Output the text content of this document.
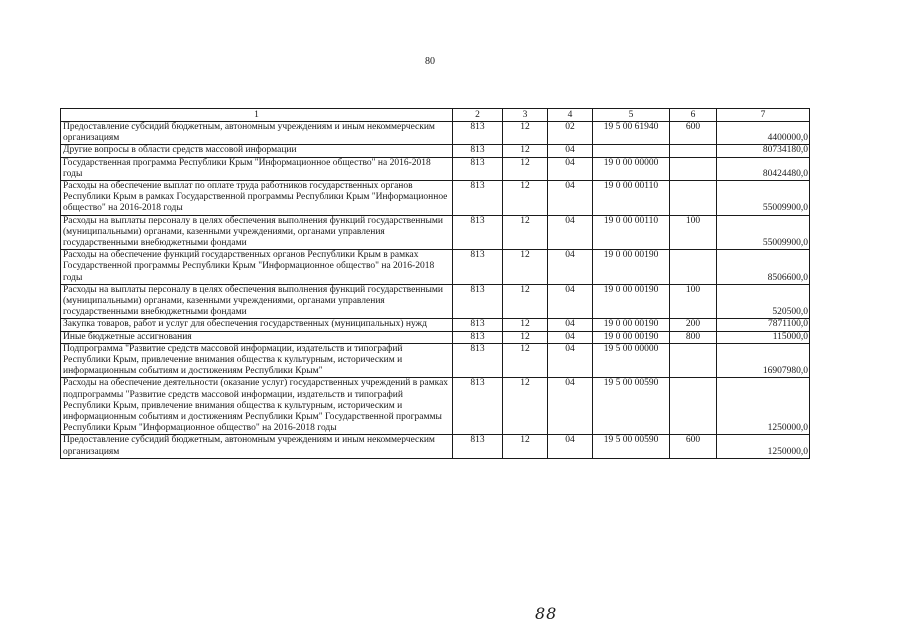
80
1	2	3	4	5	6	7
Предоставление субсидий бюджетным, автономным учреждениям и иным некоммерческим организациям	813	12	02	19 5 00 61940	600	4400000,0
Другие вопросы в области средств массовой информации	813	12	04			80734180,0
Государственная программа Республики Крым "Информационное общество" на 2016-2018 годы	813	12	04	19 0 00 00000		80424480,0
Расходы на обеспечение выплат по оплате труда работников государственных органов Республики Крым в рамках Государственной программы Республики Крым "Информационное общество" на 2016-2018 годы	813	12	04	19 0 00 00110		55009900,0
Расходы на выплаты персоналу в целях обеспечения выполнения функций государственными (муниципальными) органами, казенными учреждениями, органами управления государственными внебюджетными фондами	813	12	04	19 0 00 00110	100	55009900,0
Расходы на обеспечение функций государственных органов Республики Крым в рамках Государственной программы Республики Крым "Информационное общество" на 2016-2018 годы	813	12	04	19 0 00 00190		8506600,0
Расходы на выплаты персоналу в целях обеспечения выполнения функций государственными (муниципальными) органами, казенными учреждениями, органами управления государственными внебюджетными фондами	813	12	04	19 0 00 00190	100	520500,0
Закупка товаров, работ и услуг для обеспечения государственных (муниципальных) нужд	813	12	04	19 0 00 00190	200	7871100,0
Иные бюджетные ассигнования	813	12	04	19 0 00 00190	800	115000,0
Подпрограмма "Развитие средств массовой информации, издательств и типографий Республики Крым, привлечение внимания общества к культурным, историческим и информационным событиям и достижениям Республики Крым"	813	12	04	19 5 00 00000		16907980,0
Расходы на обеспечение деятельности (оказание услуг) государственных учреждений в рамках подпрограммы "Развитие средств массовой информации, издательств и типографий Республики Крым, привлечение внимания общества к культурным, историческим и информационным событиям и достижениям Республики Крым" Государственной программы Республики Крым "Информационное общество" на 2016-2018 годы	813	12	04	19 5 00 00590		1250000,0
Предоставление субсидий бюджетным, автономным учреждениям и иным некоммерческим организациям	813	12	04	19 5 00 00590	600	1250000,0
88
